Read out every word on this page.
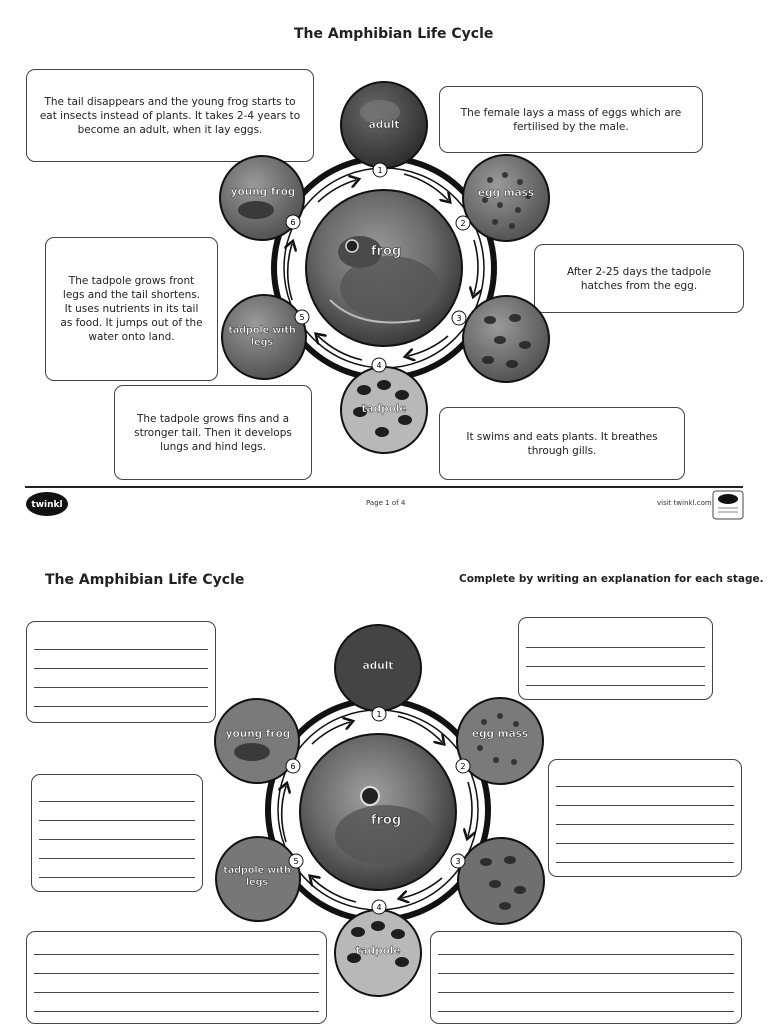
The Amphibian Life Cycle
The tail disappears and the young frog starts to eat insects instead of plants. It takes 2-4 years to become an adult, when it lay eggs.
The female lays a mass of eggs which are fertilised by the male.
After 2-25 days the tadpole hatches from the egg.
The tadpole grows front legs and the tail shortens. It uses nutrients in its tail as food. It jumps out of the water onto land.
The tadpole grows fins and a stronger tail. Then it develops lungs and hind legs.
It swims and eats plants. It breathes through gills.
frog
adult
egg mass
tadpole
tadpole with legs
young frog
1
2
3
4
5
6
twinkl	Page 1 of 4	visit twinkl.com
The Amphibian Life Cycle	Complete by writing an explanation for each stage.
frog
adult
egg mass
tadpole
tadpole with legs
young frog
1
2
3
4
5
6
